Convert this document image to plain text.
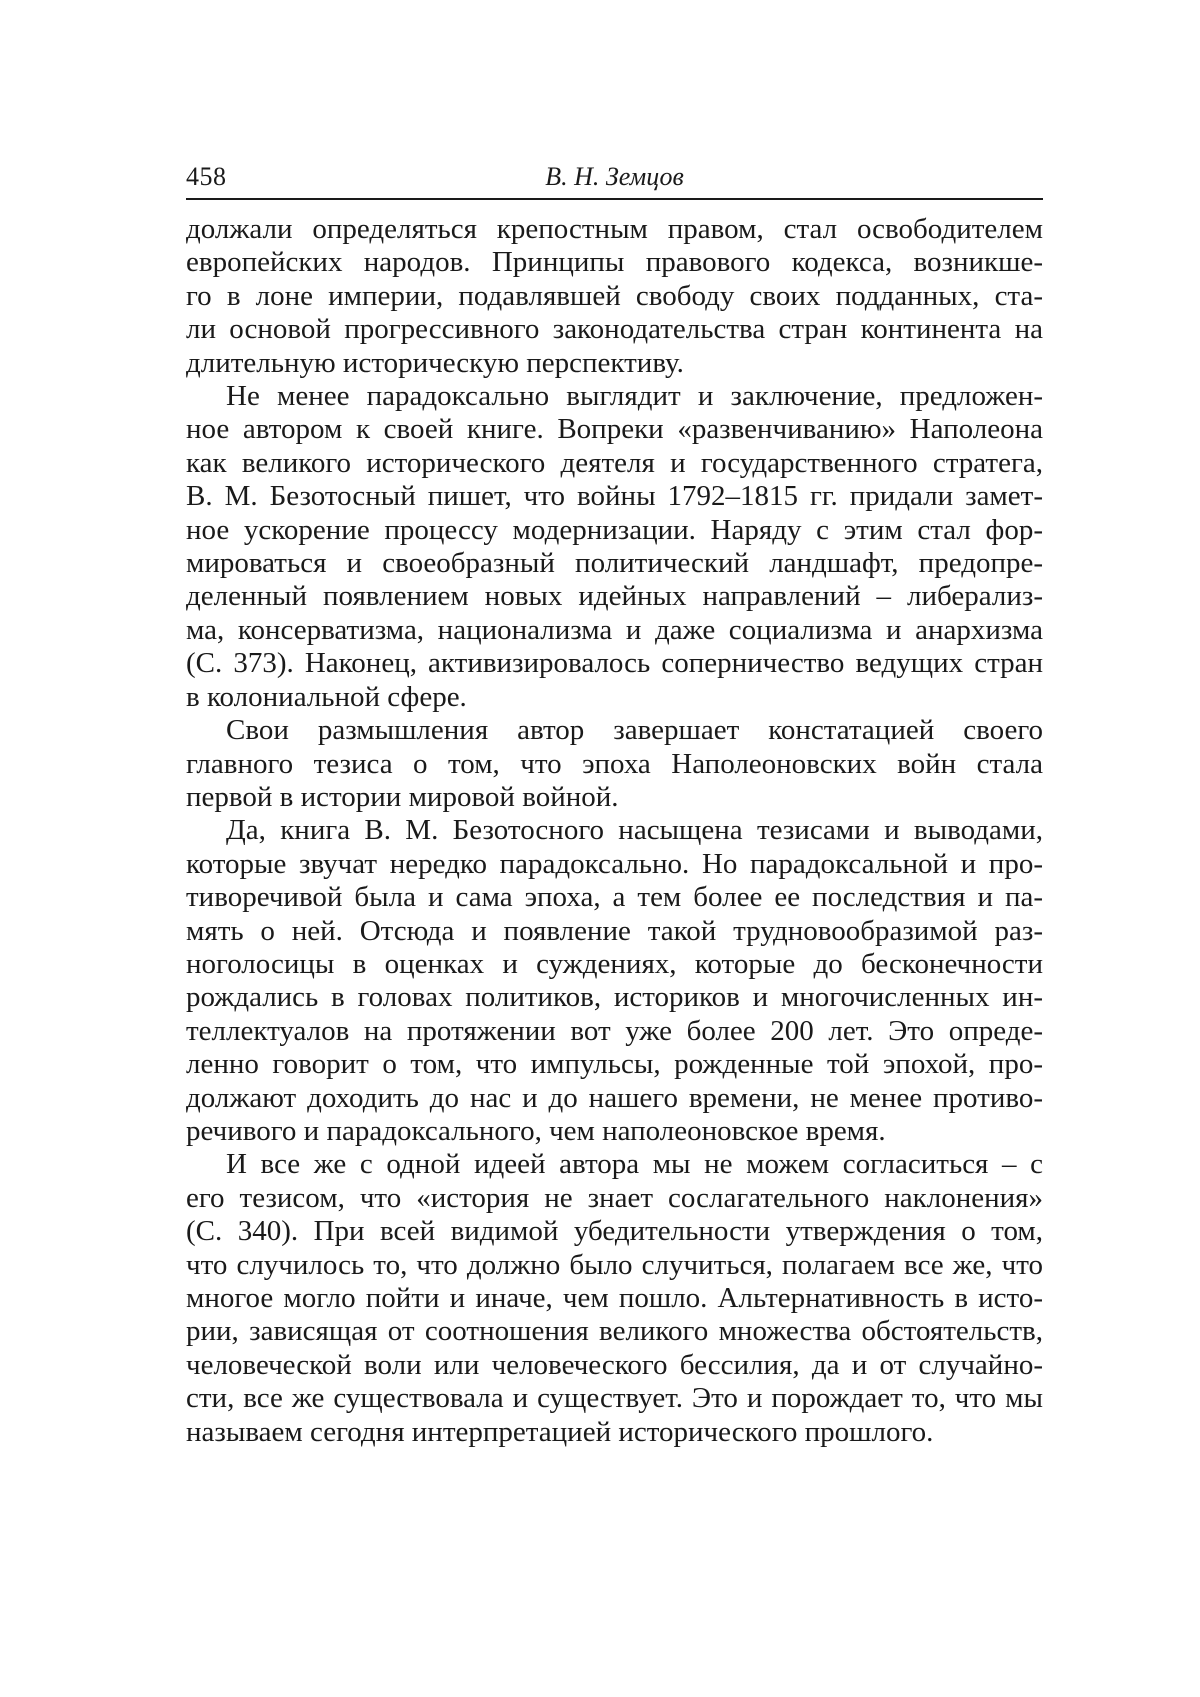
458	В. Н. Земцов

должали определяться крепостным правом, стал освободителем

европейских народов. Принципы правового кодекса, возникше-

го в лоне империи, подавлявшей свободу своих подданных, ста-

ли основой прогрессивного законодательства стран континента на

длительную историческую перспективу.

Не менее парадоксально выглядит и заключение, предложен-

ное автором к своей книге. Вопреки «развенчиванию» Наполеона

как великого исторического деятеля и государственного стратега,

В. М. Безотосный пишет, что войны 1792–1815 гг. придали замет-

ное ускорение процессу модернизации. Наряду с этим стал фор-

мироваться и своеобразный политический ландшафт, предопре-

деленный появлением новых идейных направлений – либерализ-

ма, консерватизма, национализма и даже социализма и анархизма

(С. 373). Наконец, активизировалось соперничество ведущих стран

в колониальной сфере.

Свои размышления автор завершает констатацией своего

главного тезиса о том, что эпоха Наполеоновских войн стала

первой в истории мировой войной.

Да, книга В. М. Безотосного насыщена тезисами и выводами,

которые звучат нередко парадоксально. Но парадоксальной и про-

тиворечивой была и сама эпоха, а тем более ее последствия и па-

мять о ней. Отсюда и появление такой трудновообразимой раз-

ноголосицы в оценках и суждениях, которые до бесконечности

рождались в головах политиков, историков и многочисленных ин-

теллектуалов на протяжении вот уже более 200 лет. Это опреде-

ленно говорит о том, что импульсы, рожденные той эпохой, про-

должают доходить до нас и до нашего времени, не менее противо-

речивого и парадоксального, чем наполеоновское время.

И все же с одной идеей автора мы не можем согласиться – с

его тезисом, что «история не знает сослагательного наклонения»

(С. 340). При всей видимой убедительности утверждения о том,

что случилось то, что должно было случиться, полагаем все же, что

многое могло пойти и иначе, чем пошло. Альтернативность в исто-

рии, зависящая от соотношения великого множества обстоятельств,

человеческой воли или человеческого бессилия, да и от случайно-

сти, все же существовала и существует. Это и порождает то, что мы

называем сегодня интерпретацией исторического прошлого.
